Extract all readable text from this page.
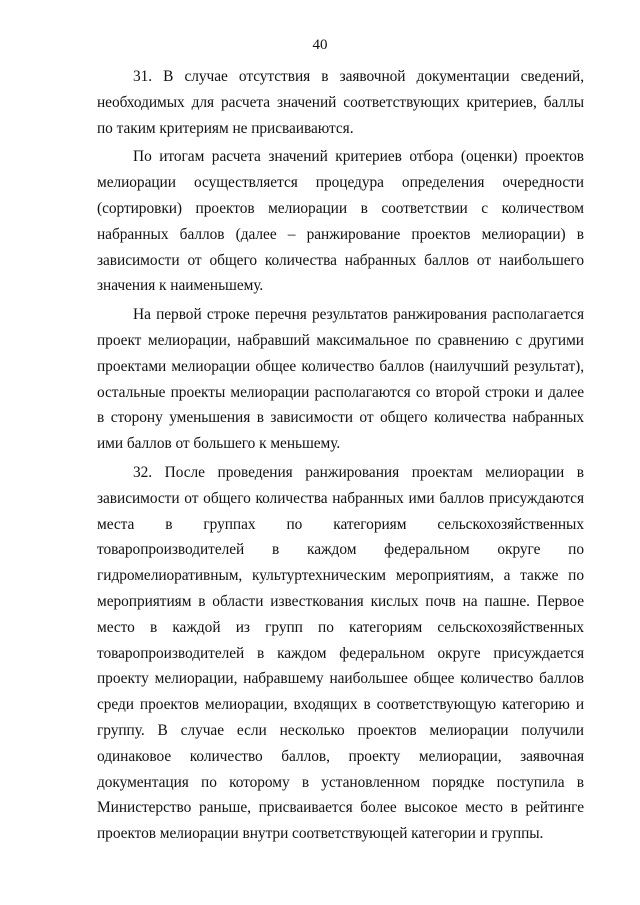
40

31. В случае отсутствия в заявочной документации сведений, необходимых для расчета значений соответствующих критериев, баллы по таким критериям не присваиваются.

По итогам расчета значений критериев отбора (оценки) проектов мелиорации осуществляется процедура определения очередности (сортировки) проектов мелиорации в соответствии с количеством набранных баллов (далее – ранжирование проектов мелиорации) в зависимости от общего количества набранных баллов от наибольшего значения к наименьшему.

На первой строке перечня результатов ранжирования располагается проект мелиорации, набравший максимальное по сравнению с другими проектами мелиорации общее количество баллов (наилучший результат), остальные проекты мелиорации располагаются со второй строки и далее в сторону уменьшения в зависимости от общего количества набранных ими баллов от большего к меньшему.

32. После проведения ранжирования проектам мелиорации в зависимости от общего количества набранных ими баллов присуждаются места в группах по категориям сельскохозяйственных товаропроизводителей в каждом федеральном округе по гидромелиоративным, культуртехническим мероприятиям, а также по мероприятиям в области известкования кислых почв на пашне. Первое место в каждой из групп по категориям сельскохозяйственных товаропроизводителей в каждом федеральном округе присуждается проекту мелиорации, набравшему наибольшее общее количество баллов среди проектов мелиорации, входящих в соответствующую категорию и группу. В случае если несколько проектов мелиорации получили одинаковое количество баллов, проекту мелиорации, заявочная документация по которому в установленном порядке поступила в Министерство раньше, присваивается более высокое место в рейтинге проектов мелиорации внутри соответствующей категории и группы.
